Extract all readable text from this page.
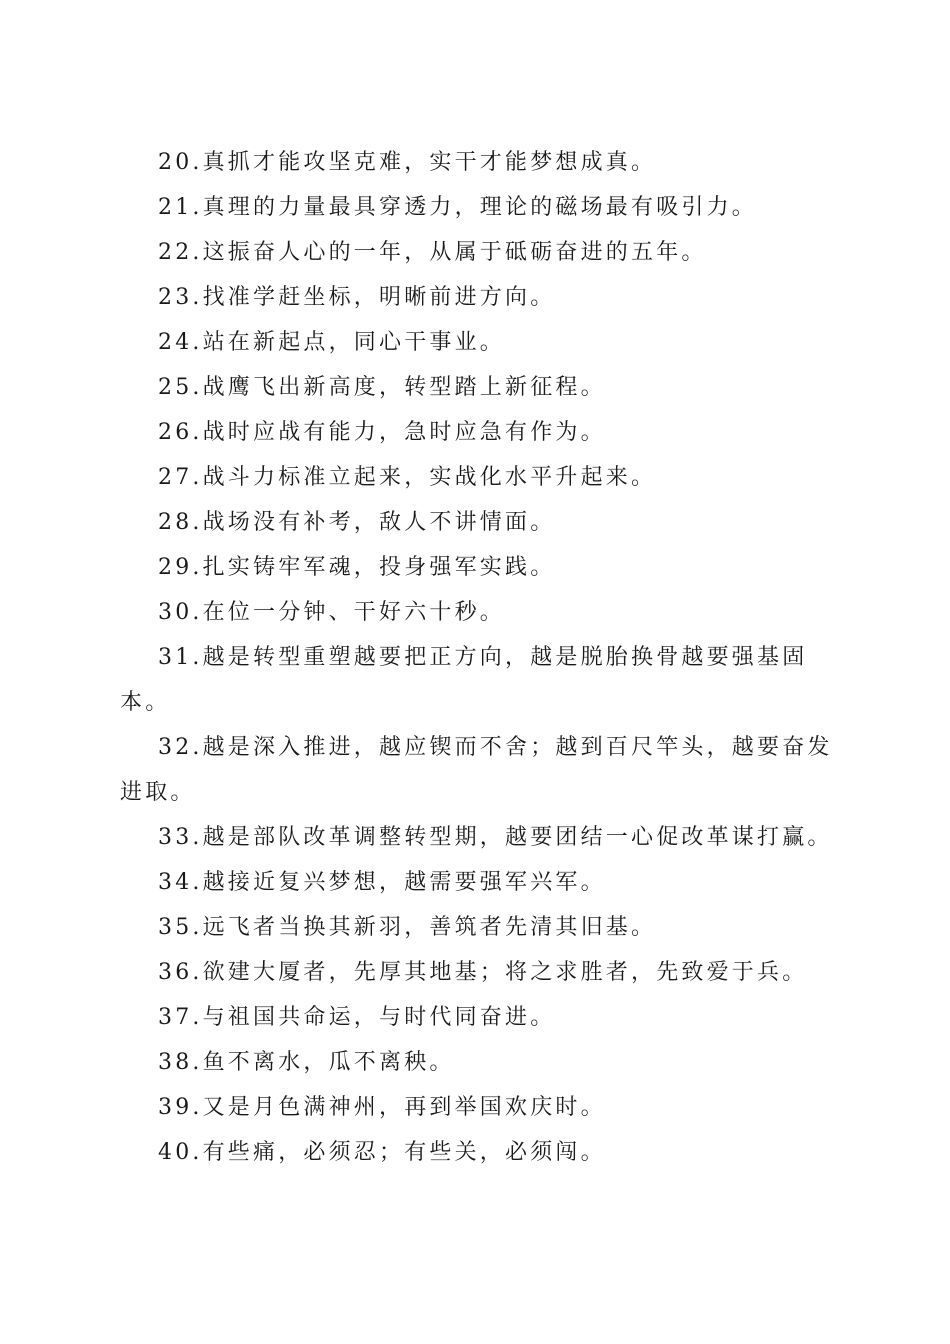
20.真抓才能攻坚克难，实干才能梦想成真。

21.真理的力量最具穿透力，理论的磁场最有吸引力。

22.这振奋人心的一年，从属于砥砺奋进的五年。

23.找准学赶坐标，明晰前进方向。

24.站在新起点，同心干事业。

25.战鹰飞出新高度，转型踏上新征程。

26.战时应战有能力，急时应急有作为。

27.战斗力标准立起来，实战化水平升起来。

28.战场没有补考，敌人不讲情面。

29.扎实铸牢军魂，投身强军实践。

30.在位一分钟、干好六十秒。

31.越是转型重塑越要把正方向，越是脱胎换骨越要强基固本。

32.越是深入推进，越应锲而不舍；越到百尺竿头，越要奋发进取。

33.越是部队改革调整转型期，越要团结一心促改革谋打赢。

34.越接近复兴梦想，越需要强军兴军。

35.远飞者当换其新羽，善筑者先清其旧基。

36.欲建大厦者，先厚其地基；将之求胜者，先致爱于兵。

37.与祖国共命运，与时代同奋进。

38.鱼不离水，瓜不离秧。

39.又是月色满神州，再到举国欢庆时。

40.有些痛，必须忍；有些关，必须闯。
